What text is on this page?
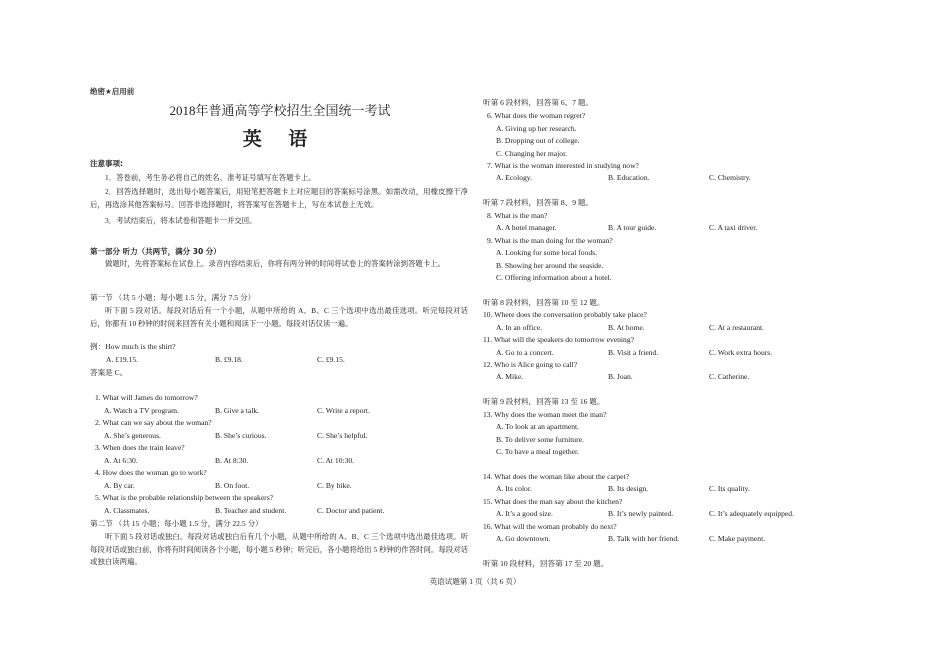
绝密★启用前
2018年普通高等学校招生全国统一考试
英 语
注意事项:
1．答卷前，考生务必将自己的姓名、准考证号填写在答题卡上。
2．回答选择题时，选出每小题答案后，用铅笔把答题卡上对应题目的答案标号涂黑。如需改动，用橡皮擦干净后，再选涂其他答案标号。回答非选择题时，将答案写在答题卡上，写在本试卷上无效。
3．考试结束后，将本试卷和答题卡一并交回。
第一部分 听力（共两节，满分 30 分）
做题时，先将答案标在试卷上。录音内容结束后，你将有两分钟的时间将试卷上的答案转涂到答题卡上。
第一节 （共 5 小题；每小题 1.5 分，满分 7.5 分）
听下面 5 段对话。每段对话后有一个小题，从题中所给的 A、B、C 三个选项中选出最佳选项。听完每段对话后，你都有 10 秒钟的时间来回答有关小题和阅读下一小题。每段对话仅读一遍。
例：How much is the shirt?
A. £19.15.	B. £9.18.	C. £9.15.
答案是 C。
1. What will James do tomorrow?
A. Watch a TV program.	B. Give a talk.	C. Write a report.
2. What can we say about the woman?
A. She’s generous.	B. She’s curious.	C. She’s helpful.
3. When does the train leave?
A. At 6:30.	B. At 8:30.	C. At 10:30.
4. How does the woman go to work?
A. By car.	B. On foot.	C. By bike.
5. What is the probable relationship between the speakers?
A. Classmates.	B. Teacher and student.	C. Doctor and patient.
第二节 （共 15 小题；每小题 1.5 分，满分 22.5 分）
听下面 5 段对话或独白。每段对话或独白后有几个小题，从题中所给的 A、B、C 三个选项中选出最佳选项。听每段对话或独白前，你将有时间阅读各个小题，每小题 5 秒钟；听完后，各小题将给出 5 秒钟的作答时间。每段对话或独白读两遍。
听第 6 段材料，回答第 6、7 题。
6. What does the woman regret?
A. Giving up her research.
B. Dropping out of college.
C. Changing her major.
7. What is the woman interested in studying now?
A. Ecology.	B. Education.	C. Chemistry.
听第 7 段材料，回答第 8、9 题。
8. What is the man?
A. A hotel manager.	B. A tour guide.	C. A taxi driver.
9. What is the man doing for the woman?
A. Looking for some local foods.
B. Showing her around the seaside.
C. Offering information about a hotel.
听第 8 段材料，回答第 10 至 12 题。
10. Where does the conversation probably take place?
A. In an office.	B. At home.	C. At a restaurant.
11. What will the speakers do tomorrow evening?
A. Go to a concert.	B. Visit a friend.	C. Work extra hours.
12. Who is Alice going to call?
A. Mike.	B. Joan.	C. Catherine.
听第 9 段材料，回答第 13 至 16 题。
13. Why does the woman meet the man?
A. To look at an apartment.
B. To deliver some furniture.
C. To have a meal together.
14. What does the woman like about the carpet?
A. Its color.	B. Its design.	C. Its quality.
15. What does the man say about the kitchen?
A. It’s a good size.	B. It’s newly painted.	C. It’s adequately equipped.
16. What will the woman probably do next?
A. Go downtown.	B. Talk with her friend.	C. Make payment.
听第 10 段材料，回答第 17 至 20 题。
英语试题第 1 页（共 6 页）
